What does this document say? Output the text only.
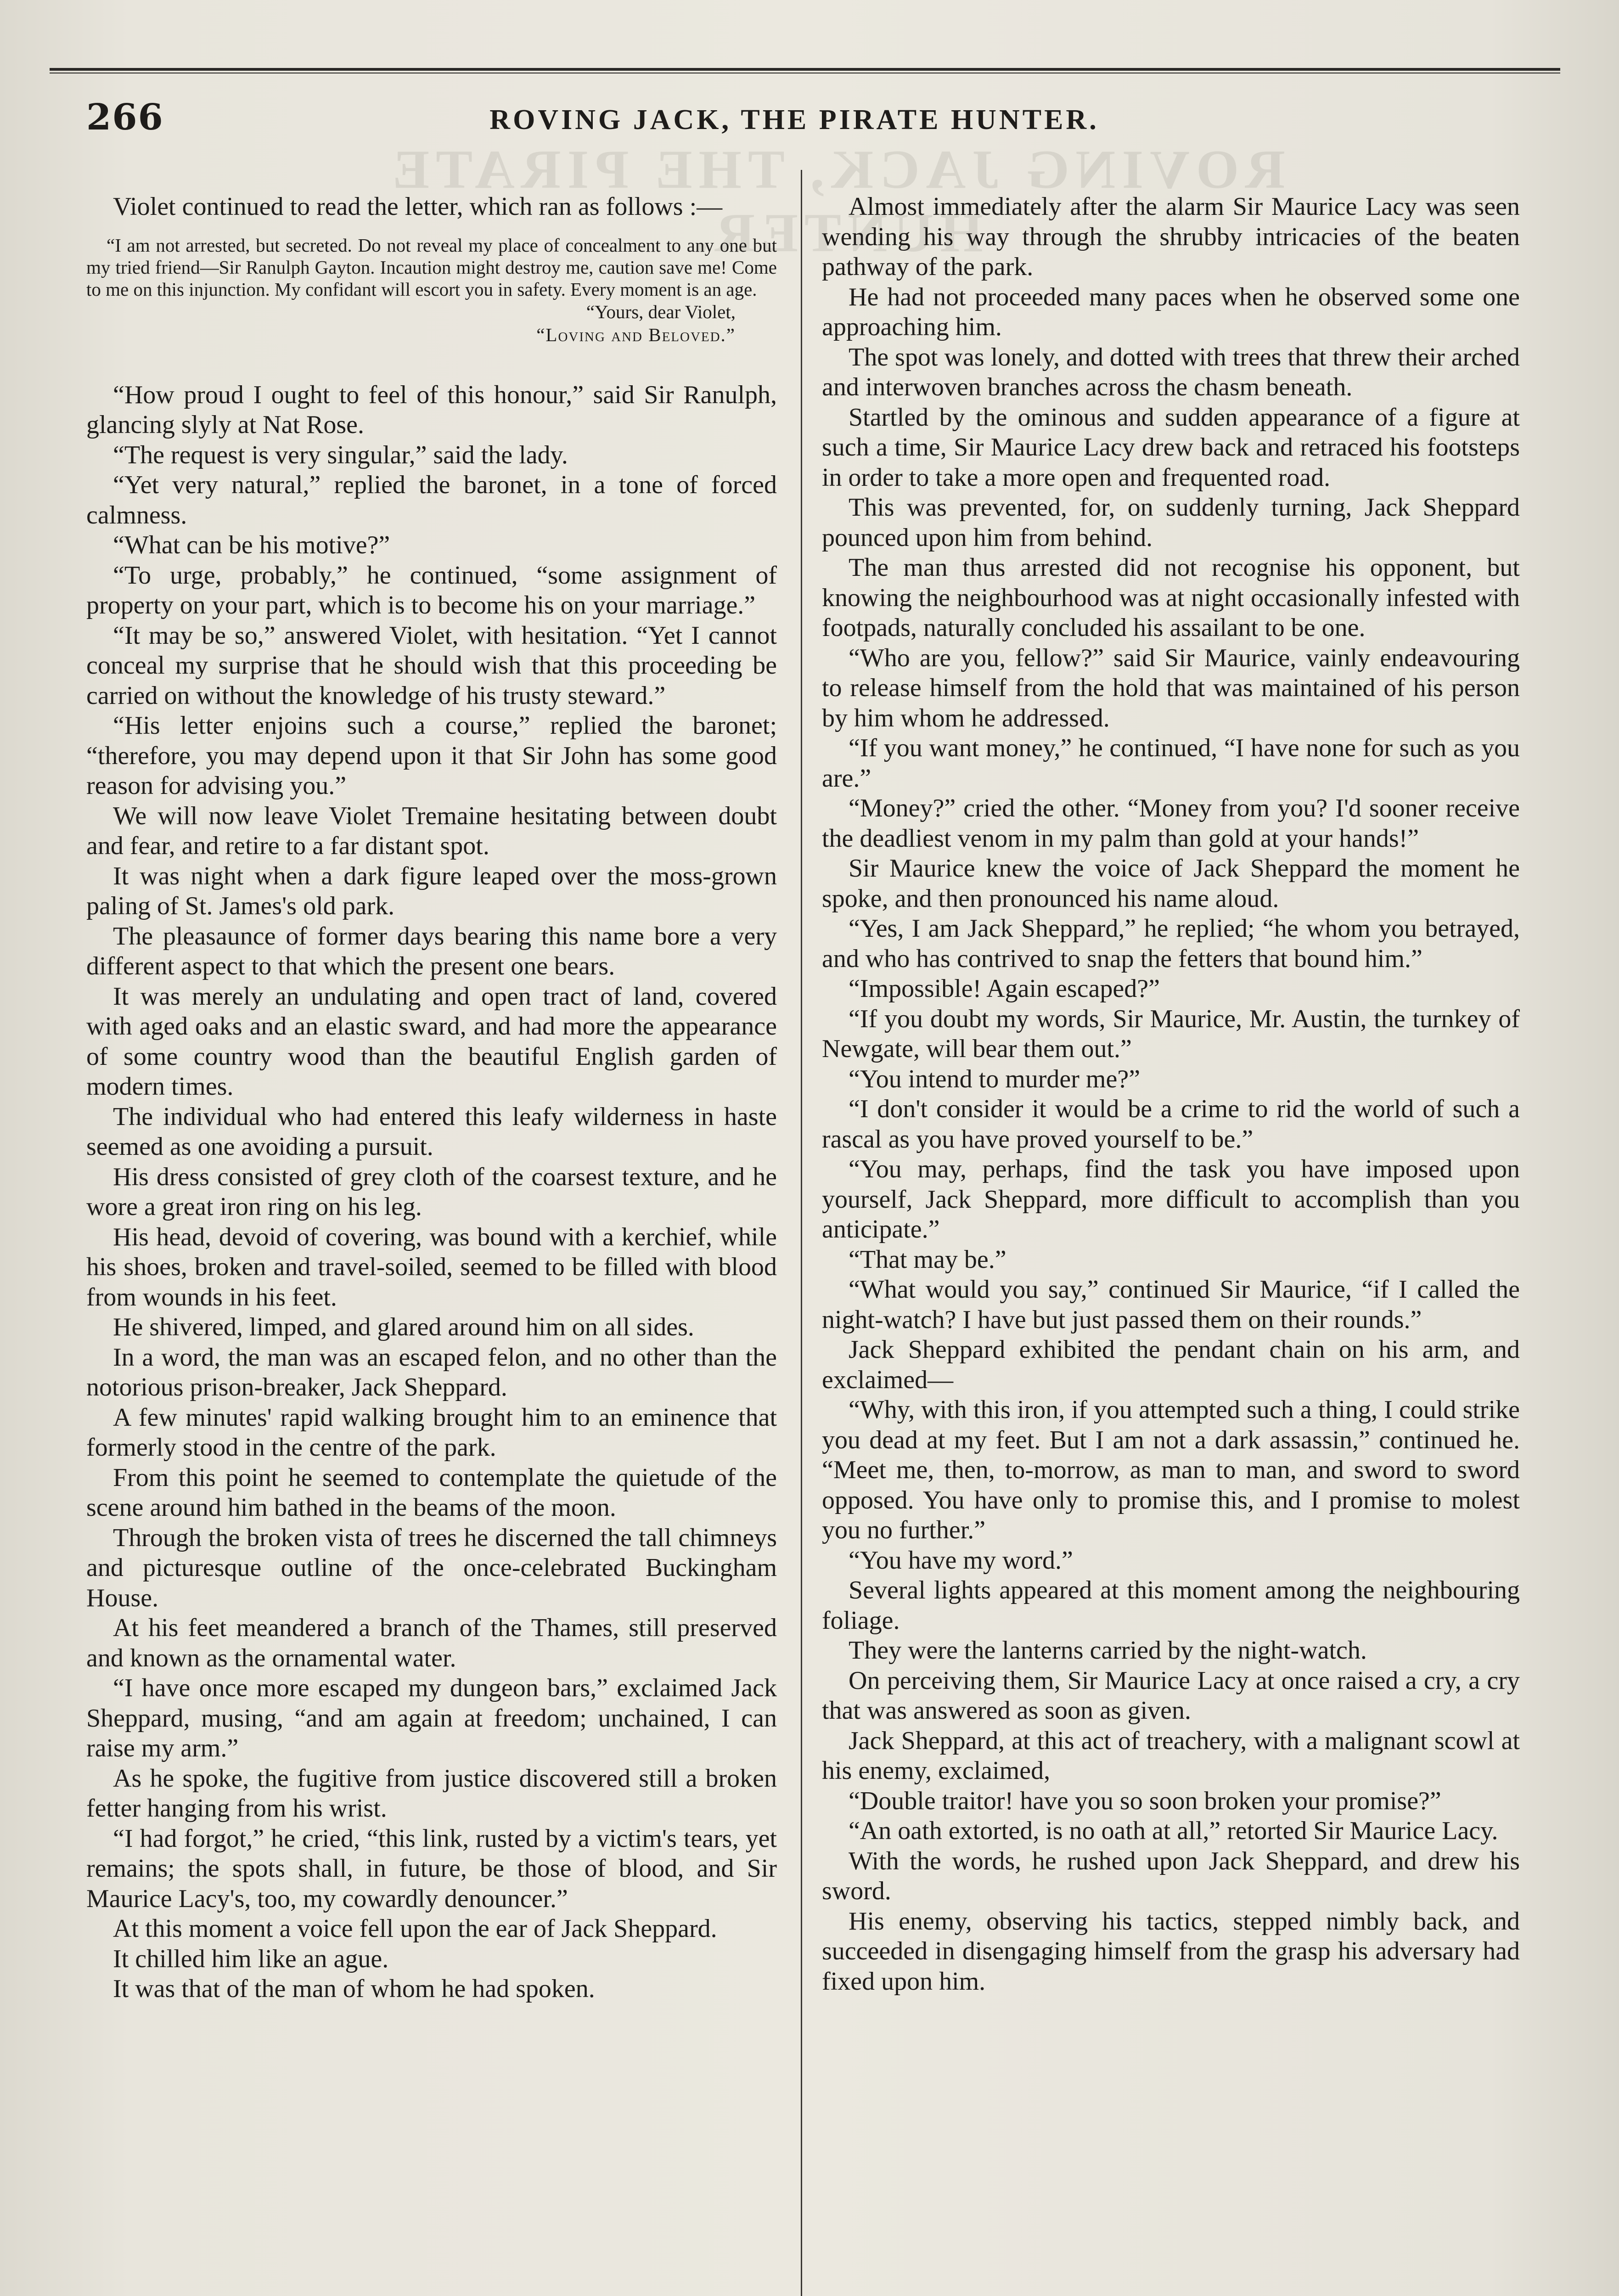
266	ROVING JACK, THE PIRATE HUNTER.
ROVING JACK, THE PIRATE HUNTER.

Violet continued to read the letter, which ran as follows :—

“I am not arrested, but secreted. Do not reveal my place of concealment to any one but my tried friend—Sir Ranulph Gayton. Incaution might destroy me, caution save me! Come to me on this injunction. My confidant will escort you in safety. Every moment is an age.

“Yours, dear Violet,

“Loving and Beloved.”

“How proud I ought to feel of this honour,” said Sir Ranulph, glancing slyly at Nat Rose.

“The request is very singular,” said the lady.

“Yet very natural,” replied the baronet, in a tone of forced calmness.

“What can be his motive?”

“To urge, probably,” he continued, “some assignment of property on your part, which is to become his on your marriage.”

“It may be so,” answered Violet, with hesitation. “Yet I cannot conceal my surprise that he should wish that this proceeding be carried on without the knowledge of his trusty steward.”

“His letter enjoins such a course,” replied the baronet; “therefore, you may depend upon it that Sir John has some good reason for advising you.”

We will now leave Violet Tremaine hesitating between doubt and fear, and retire to a far distant spot.

It was night when a dark figure leaped over the moss-grown paling of St. James's old park.

The pleasaunce of former days bearing this name bore a very different aspect to that which the present one bears.

It was merely an undulating and open tract of land, covered with aged oaks and an elastic sward, and had more the appearance of some country wood than the beautiful English garden of modern times.

The individual who had entered this leafy wilderness in haste seemed as one avoiding a pursuit.

His dress consisted of grey cloth of the coarsest texture, and he wore a great iron ring on his leg.

His head, devoid of covering, was bound with a kerchief, while his shoes, broken and travel-soiled, seemed to be filled with blood from wounds in his feet.

He shivered, limped, and glared around him on all sides.

In a word, the man was an escaped felon, and no other than the notorious prison-breaker, Jack Sheppard.

A few minutes' rapid walking brought him to an eminence that formerly stood in the centre of the park.

From this point he seemed to contemplate the quietude of the scene around him bathed in the beams of the moon.

Through the broken vista of trees he discerned the tall chimneys and picturesque outline of the once-celebrated Buckingham House.

At his feet meandered a branch of the Thames, still preserved and known as the ornamental water.

“I have once more escaped my dungeon bars,” exclaimed Jack Sheppard, musing, “and am again at freedom; unchained, I can raise my arm.”

As he spoke, the fugitive from justice discovered still a broken fetter hanging from his wrist.

“I had forgot,” he cried, “this link, rusted by a victim's tears, yet remains; the spots shall, in future, be those of blood, and Sir Maurice Lacy's, too, my cowardly denouncer.”

At this moment a voice fell upon the ear of Jack Sheppard.

It chilled him like an ague.

It was that of the man of whom he had spoken.

Almost immediately after the alarm Sir Maurice Lacy was seen wending his way through the shrubby intricacies of the beaten pathway of the park.

He had not proceeded many paces when he observed some one approaching him.

The spot was lonely, and dotted with trees that threw their arched and interwoven branches across the chasm beneath.

Startled by the ominous and sudden appearance of a figure at such a time, Sir Maurice Lacy drew back and retraced his footsteps in order to take a more open and frequented road.

This was prevented, for, on suddenly turning, Jack Sheppard pounced upon him from behind.

The man thus arrested did not recognise his opponent, but knowing the neighbourhood was at night occasionally infested with footpads, naturally concluded his assailant to be one.

“Who are you, fellow?” said Sir Maurice, vainly endeavouring to release himself from the hold that was maintained of his person by him whom he addressed.

“If you want money,” he continued, “I have none for such as you are.”

“Money?” cried the other. “Money from you? I'd sooner receive the deadliest venom in my palm than gold at your hands!”

Sir Maurice knew the voice of Jack Sheppard the moment he spoke, and then pronounced his name aloud.

“Yes, I am Jack Sheppard,” he replied; “he whom you betrayed, and who has contrived to snap the fetters that bound him.”

“Impossible! Again escaped?”

“If you doubt my words, Sir Maurice, Mr. Austin, the turnkey of Newgate, will bear them out.”

“You intend to murder me?”

“I don't consider it would be a crime to rid the world of such a rascal as you have proved yourself to be.”

“You may, perhaps, find the task you have imposed upon yourself, Jack Sheppard, more difficult to accomplish than you anticipate.”

“That may be.”

“What would you say,” continued Sir Maurice, “if I called the night-watch? I have but just passed them on their rounds.”

Jack Sheppard exhibited the pendant chain on his arm, and exclaimed—

“Why, with this iron, if you attempted such a thing, I could strike you dead at my feet. But I am not a dark assassin,” continued he. “Meet me, then, to-morrow, as man to man, and sword to sword opposed. You have only to promise this, and I promise to molest you no further.”

“You have my word.”

Several lights appeared at this moment among the neighbouring foliage.

They were the lanterns carried by the night-watch.

On perceiving them, Sir Maurice Lacy at once raised a cry, a cry that was answered as soon as given.

Jack Sheppard, at this act of treachery, with a malignant scowl at his enemy, exclaimed,

“Double traitor! have you so soon broken your promise?”

“An oath extorted, is no oath at all,” retorted Sir Maurice Lacy.

With the words, he rushed upon Jack Sheppard, and drew his sword.

His enemy, observing his tactics, stepped nimbly back, and succeeded in disengaging himself from the grasp his adversary had fixed upon him.
